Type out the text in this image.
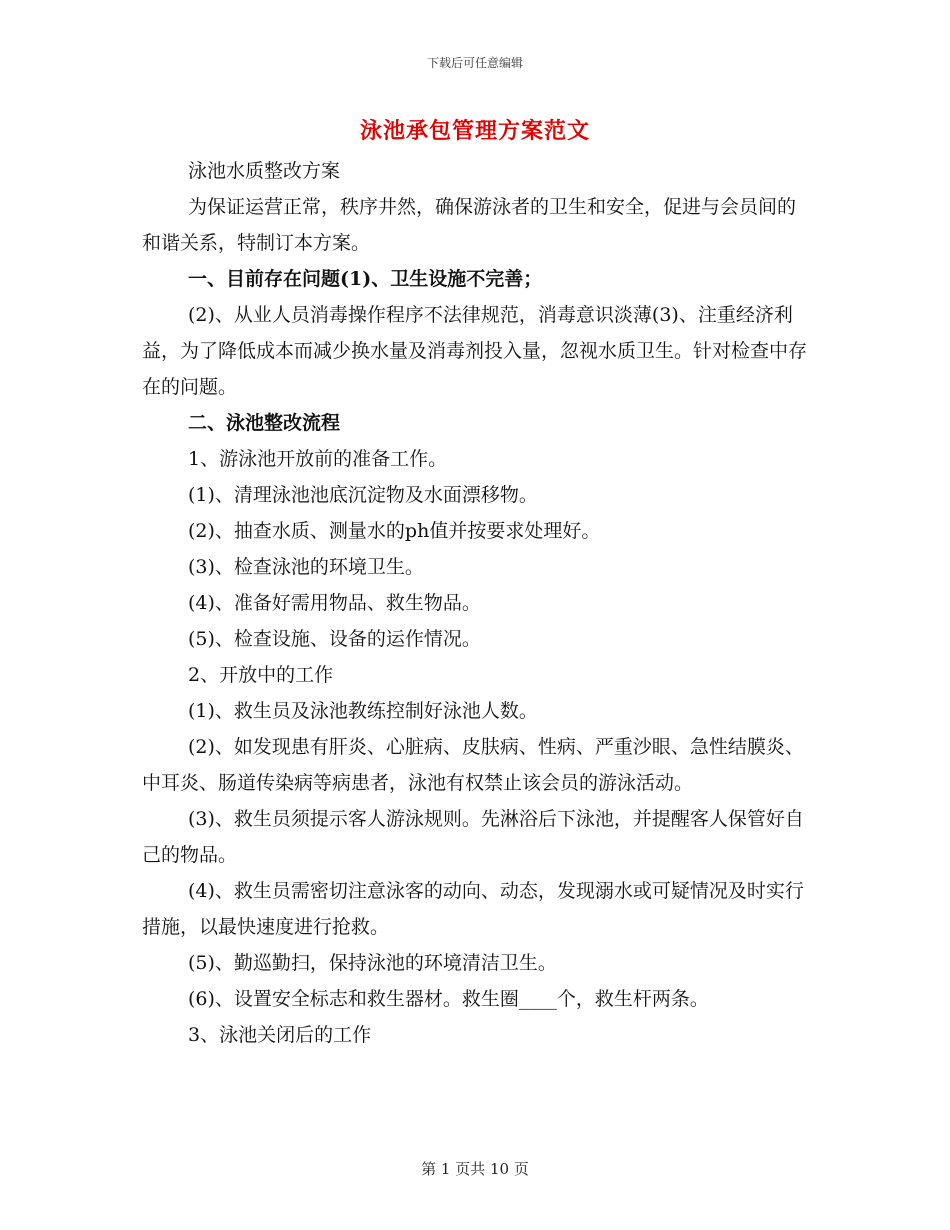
下载后可任意编辑
泳池承包管理方案范文

泳池水质整改方案

为保证运营正常，秩序井然，确保游泳者的卫生和安全，促进与会员间的和谐关系，特制订本方案。

一、目前存在问题(1)、卫生设施不完善；

(2)、从业人员消毒操作程序不法律规范，消毒意识淡薄(3)、注重经济利益，为了降低成本而减少换水量及消毒剂投入量，忽视水质卫生。针对检查中存在的问题。

二、泳池整改流程

1、游泳池开放前的准备工作。

(1)、清理泳池池底沉淀物及水面漂移物。

(2)、抽查水质、测量水的ph值并按要求处理好。

(3)、检查泳池的环境卫生。

(4)、准备好需用物品、救生物品。

(5)、检查设施、设备的运作情况。

2、开放中的工作

(1)、救生员及泳池教练控制好泳池人数。

(2)、如发现患有肝炎、心脏病、皮肤病、性病、严重沙眼、急性结膜炎、中耳炎、肠道传染病等病患者，泳池有权禁止该会员的游泳活动。

(3)、救生员须提示客人游泳规则。先淋浴后下泳池，并提醒客人保管好自己的物品。

(4)、救生员需密切注意泳客的动向、动态，发现溺水或可疑情况及时实行措施，以最快速度进行抢救。

(5)、勤巡勤扫，保持泳池的环境清洁卫生。

(6)、设置安全标志和救生器材。救生圈____个，救生杆两条。

3、泳池关闭后的工作

第 1 页共 10 页
